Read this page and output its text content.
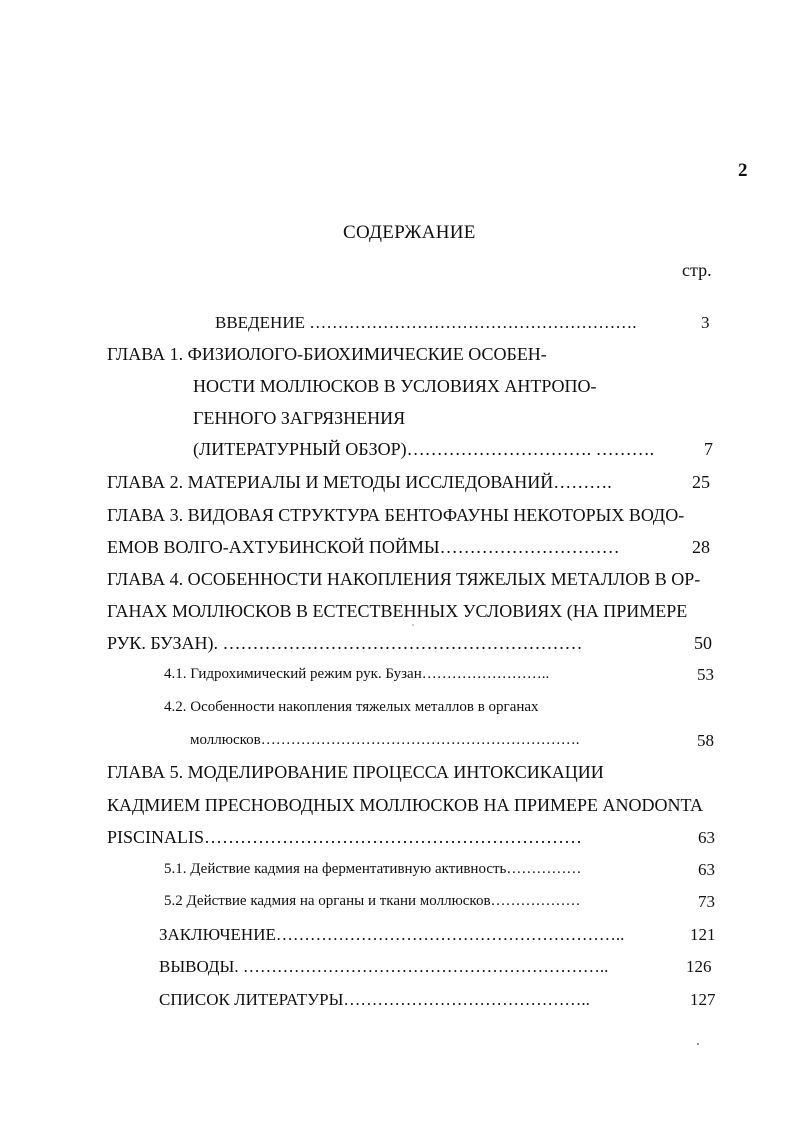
2
СОДЕРЖАНИЕ
стр.
ВВЕДЕНИЕ ………………………………………………….	3
ГЛАВА 1. ФИЗИОЛОГО-БИОХИМИЧЕСКИЕ ОСОБЕН-
НОСТИ МОЛЛЮСКОВ В УСЛОВИЯХ АНТРОПО-
ГЕННОГО ЗАГРЯЗНЕНИЯ
(ЛИТЕРАТУРНЫЙ ОБЗОР)…………………………. ……….	7
ГЛАВА 2. МАТЕРИАЛЫ И МЕТОДЫ ИССЛЕДОВАНИЙ……….	25
ГЛАВА 3. ВИДОВАЯ СТРУКТУРА БЕНТОФАУНЫ НЕКОТОРЫХ ВОДО-
ЕМОВ ВОЛГО-АХТУБИНСКОЙ ПОЙМЫ…………………………	28
ГЛАВА 4. ОСОБЕННОСТИ НАКОПЛЕНИЯ ТЯЖЕЛЫХ МЕТАЛЛОВ В ОР-
ГАНАХ МОЛЛЮСКОВ В ЕСТЕСТВЕННЫХ УСЛОВИЯХ (НА ПРИМЕРЕ
РУК. БУЗАН). ……………………………………………………	50
4.1. Гидрохимический режим рук. Бузан……………………..	53
4.2. Особенности накопления тяжелых металлов в органах
моллюсков……………………………………………………….	58
ГЛАВА 5. МОДЕЛИРОВАНИЕ ПРОЦЕССА ИНТОКСИКАЦИИ
КАДМИЕМ ПРЕСНОВОДНЫХ МОЛЛЮСКОВ НА ПРИМЕРЕ ANODONTA
PISCINALIS………………………………………………………	63
5.1. Действие кадмия на ферментативную активность……………	63
5.2 Действие кадмия на органы и ткани моллюсков………………	73
ЗАКЛЮЧЕНИЕ……………………………………………………..	121
ВЫВОДЫ. ………………………………………………………..	126
СПИСОК ЛИТЕРАТУРЫ……………………………………..	127
